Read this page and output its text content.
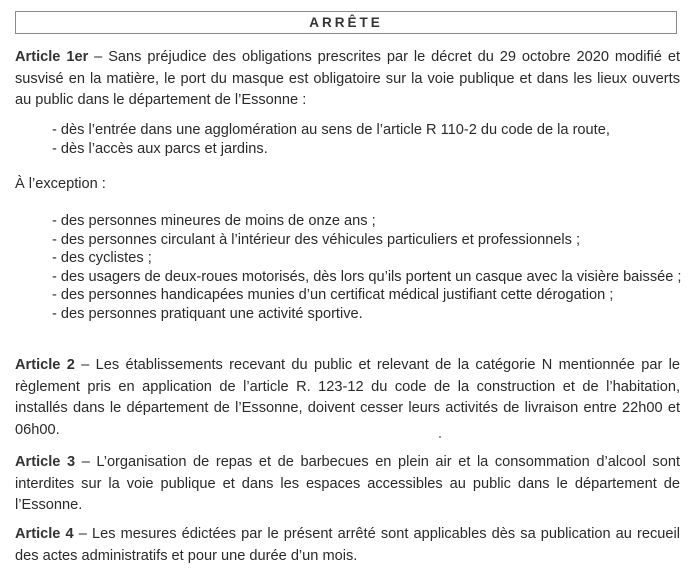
ARRÊTE

Article 1er – Sans préjudice des obligations prescrites par le décret du 29 octobre 2020 modifié et susvisé en la matière, le port du masque est obligatoire sur la voie publique et dans les lieux ouverts au public dans le département de l’Essonne :

- dès l’entrée dans une agglomération au sens de l’article R 110-2 du code de la route,
- dès l’accès aux parcs et jardins.

À l’exception :

- des personnes mineures de moins de onze ans ;
- des personnes circulant à l’intérieur des véhicules particuliers et professionnels ;
- des cyclistes ;
- des usagers de deux-roues motorisés, dès lors qu’ils portent un casque avec la visière baissée ;
- des personnes handicapées munies d’un certificat médical justifiant cette dérogation ;
- des personnes pratiquant une activité sportive.

Article 2 – Les établissements recevant du public et relevant de la catégorie N mentionnée par le règlement pris en application de l’article R. 123-12 du code de la construction et de l’habitation, installés dans le département de l’Essonne, doivent cesser leurs activités de livraison entre 22h00 et 06h00.

Article 3 – L’organisation de repas et de barbecues en plein air et la consommation d’alcool sont interdites sur la voie publique et dans les espaces accessibles au public dans le département de l’Essonne.

Article 4 – Les mesures édictées par le présent arrêté sont applicables dès sa publication au recueil des actes administratifs et pour une durée d’un mois.
